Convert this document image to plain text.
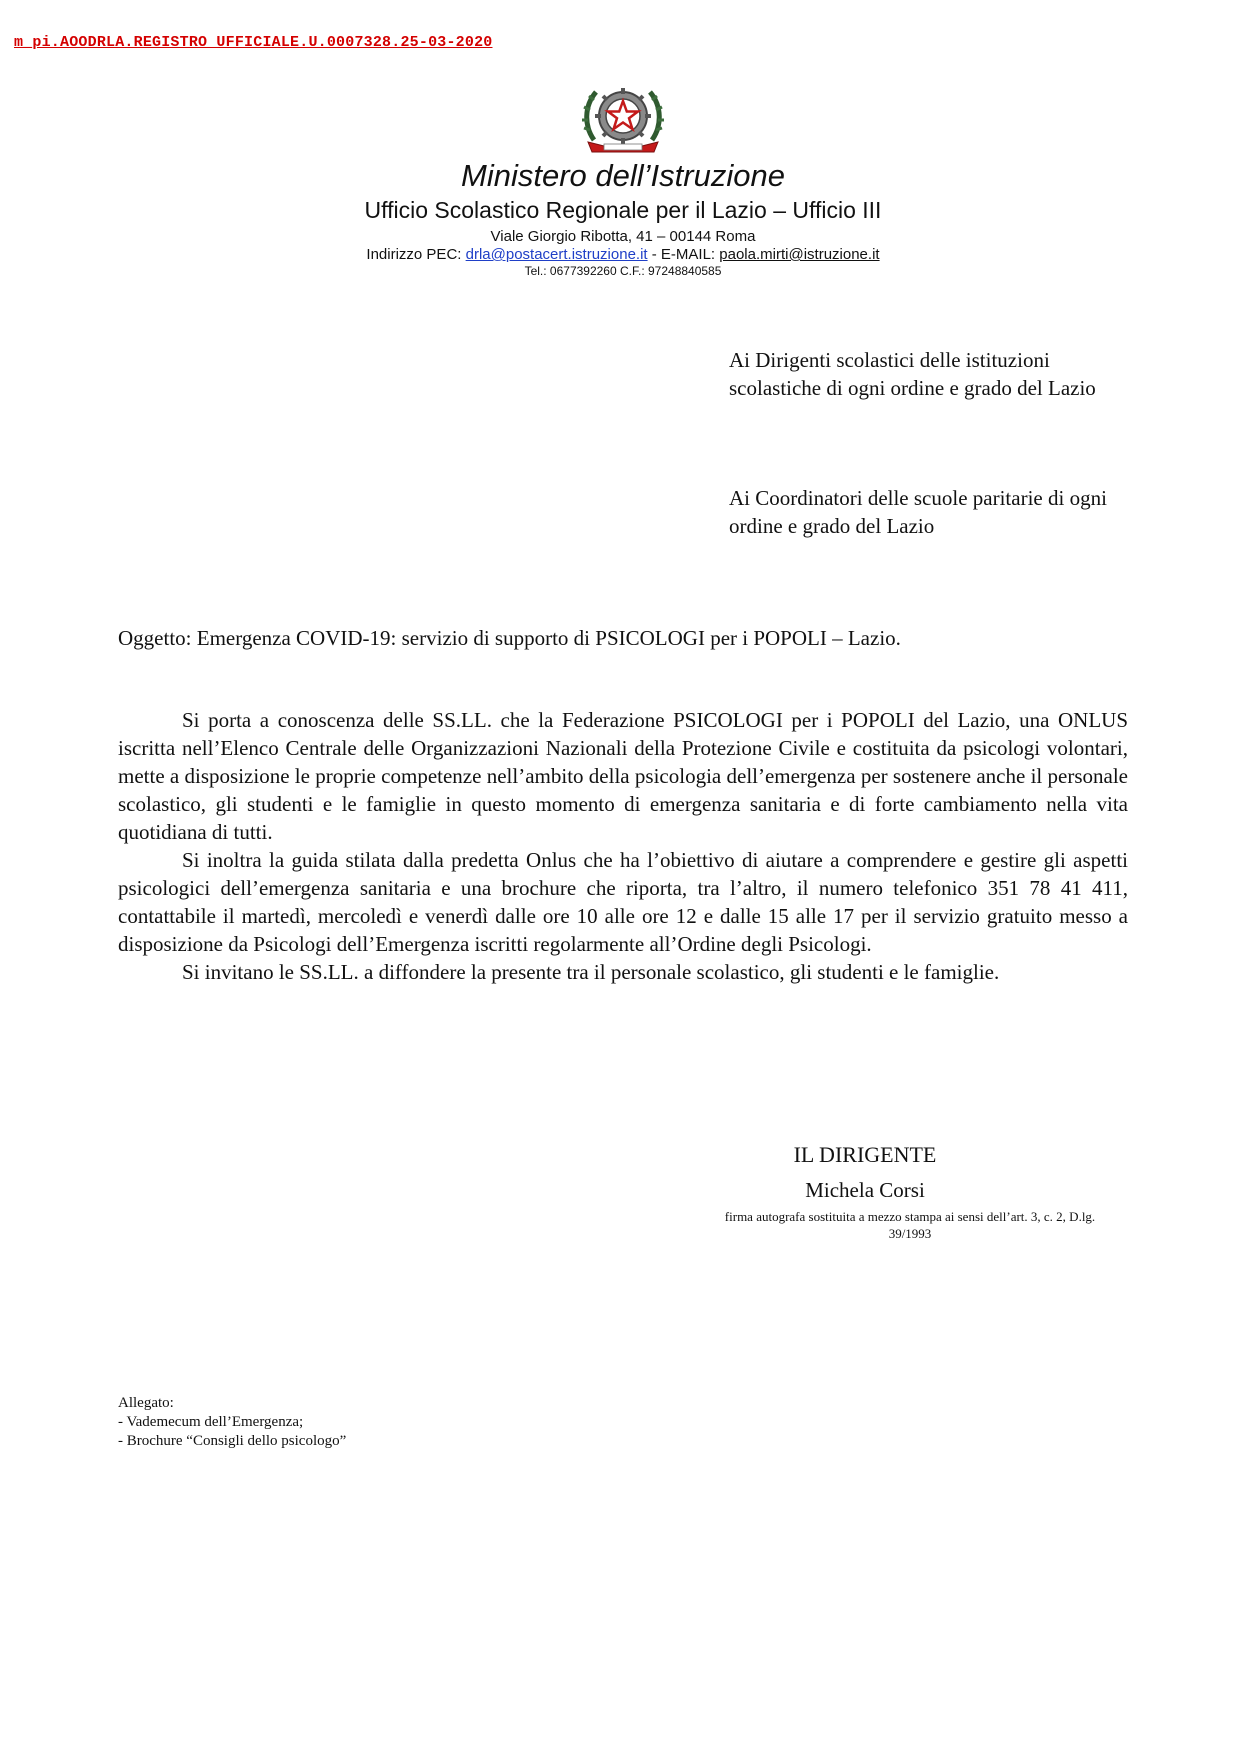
m_pi.AOODRLA.REGISTRO UFFICIALE.U.0007328.25-03-2020
Ministero dell’Istruzione
Ufficio Scolastico Regionale per il Lazio – Ufficio III
Viale Giorgio Ribotta, 41 – 00144 Roma
Indirizzo PEC: drla@postacert.istruzione.it - E-MAIL: paola.mirti@istruzione.it
Tel.: 0677392260 C.F.: 97248840585
Ai Dirigenti scolastici delle istituzioni scolastiche di ogni ordine e grado del Lazio
Ai Coordinatori delle scuole paritarie di ogni ordine e grado del Lazio
Oggetto: Emergenza COVID-19: servizio di supporto di PSICOLOGI per i POPOLI – Lazio.

Si porta a conoscenza delle SS.LL. che la Federazione PSICOLOGI per i POPOLI del Lazio, una ONLUS iscritta nell’Elenco Centrale delle Organizzazioni Nazionali della Protezione Civile e costituita da psicologi volontari, mette a disposizione le proprie competenze nell’ambito della psicologia dell’emergenza per sostenere anche il personale scolastico, gli studenti e le famiglie in questo momento di emergenza sanitaria e di forte cambiamento nella vita quotidiana di tutti.

Si inoltra la guida stilata dalla predetta Onlus che ha l’obiettivo di aiutare a comprendere e gestire gli aspetti psicologici dell’emergenza sanitaria e una brochure che riporta, tra l’altro, il numero telefonico 351 78 41 411, contattabile il martedì, mercoledì e venerdì dalle ore 10 alle ore 12 e dalle 15 alle 17 per il servizio gratuito messo a disposizione da Psicologi dell’Emergenza iscritti regolarmente all’Ordine degli Psicologi.

Si invitano le SS.LL. a diffondere la presente tra il personale scolastico, gli studenti e le famiglie.

IL DIRIGENTE
Michela Corsi
firma autografa sostituita a mezzo stampa ai sensi dell’art. 3, c. 2, D.lg.
39/1993
Allegato:
- Vademecum dell’Emergenza;
- Brochure “Consigli dello psicologo”
